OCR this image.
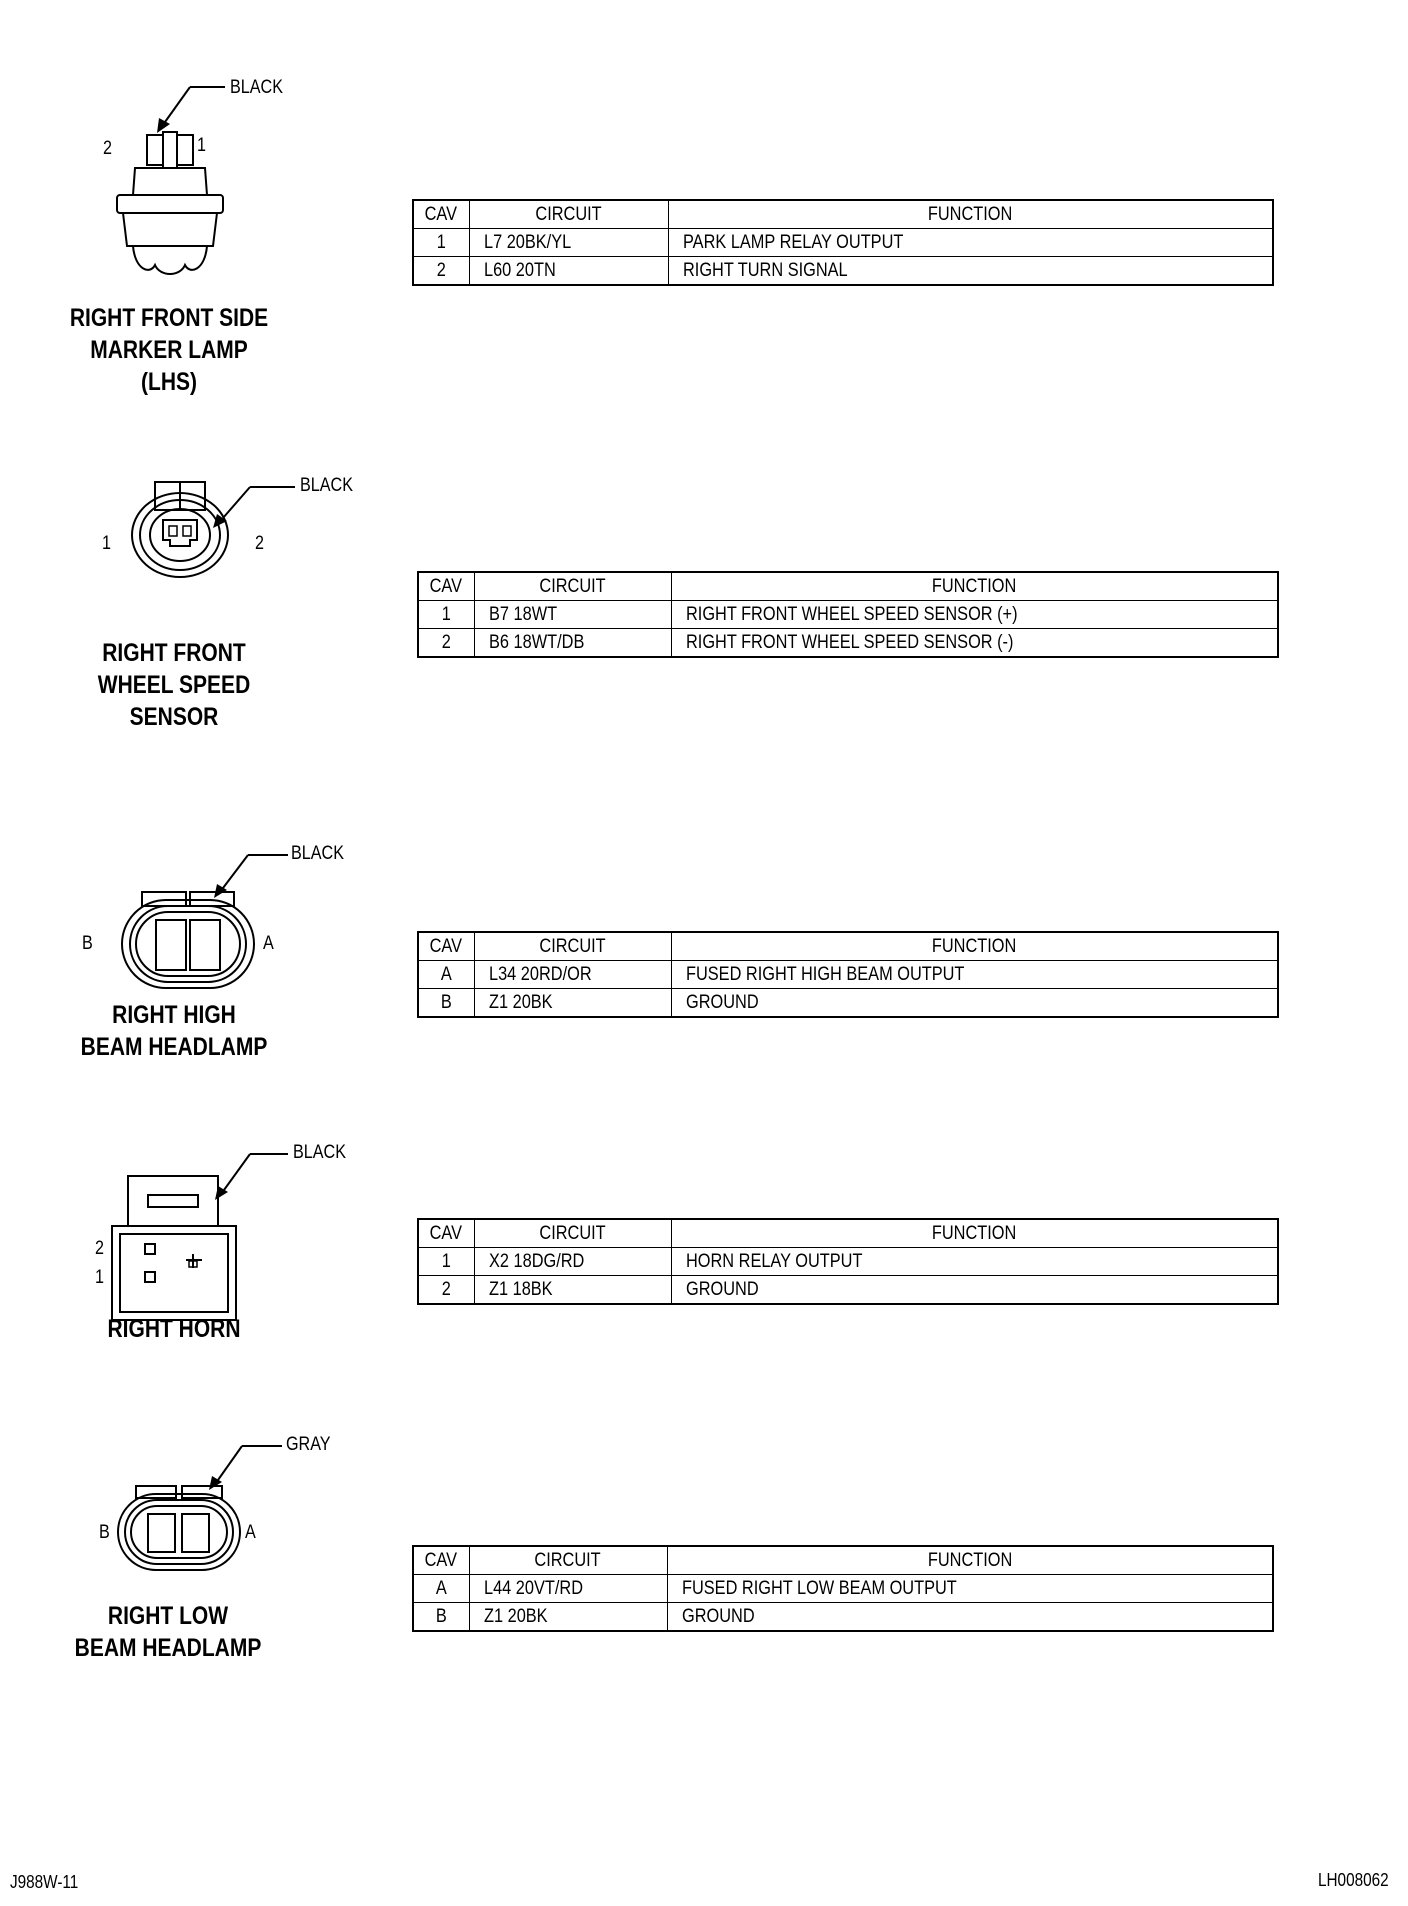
2	1
BLACK
RIGHT FRONT SIDE
MARKER LAMP
(LHS)
CAV	CIRCUIT	FUNCTION
1	L7 20BK/YL	PARK LAMP RELAY OUTPUT
2	L60 20TN	RIGHT TURN SIGNAL
1	2
BLACK
RIGHT FRONT
WHEEL SPEED
SENSOR
CAV	CIRCUIT	FUNCTION
1	B7 18WT	RIGHT FRONT WHEEL SPEED SENSOR (+)
2	B6 18WT/DB	RIGHT FRONT WHEEL SPEED SENSOR (-)
B	A
BLACK
RIGHT HIGH
BEAM HEADLAMP
CAV	CIRCUIT	FUNCTION
A	L34 20RD/OR	FUSED RIGHT HIGH BEAM OUTPUT
B	Z1 20BK	GROUND
2
1
BLACK
RIGHT HORN
CAV	CIRCUIT	FUNCTION
1	X2 18DG/RD	HORN RELAY OUTPUT
2	Z1 18BK	GROUND
B	A
GRAY
RIGHT LOW
BEAM HEADLAMP
CAV	CIRCUIT	FUNCTION
A	L44 20VT/RD	FUSED RIGHT LOW BEAM OUTPUT
B	Z1 20BK	GROUND
J988W-11	LH008062
